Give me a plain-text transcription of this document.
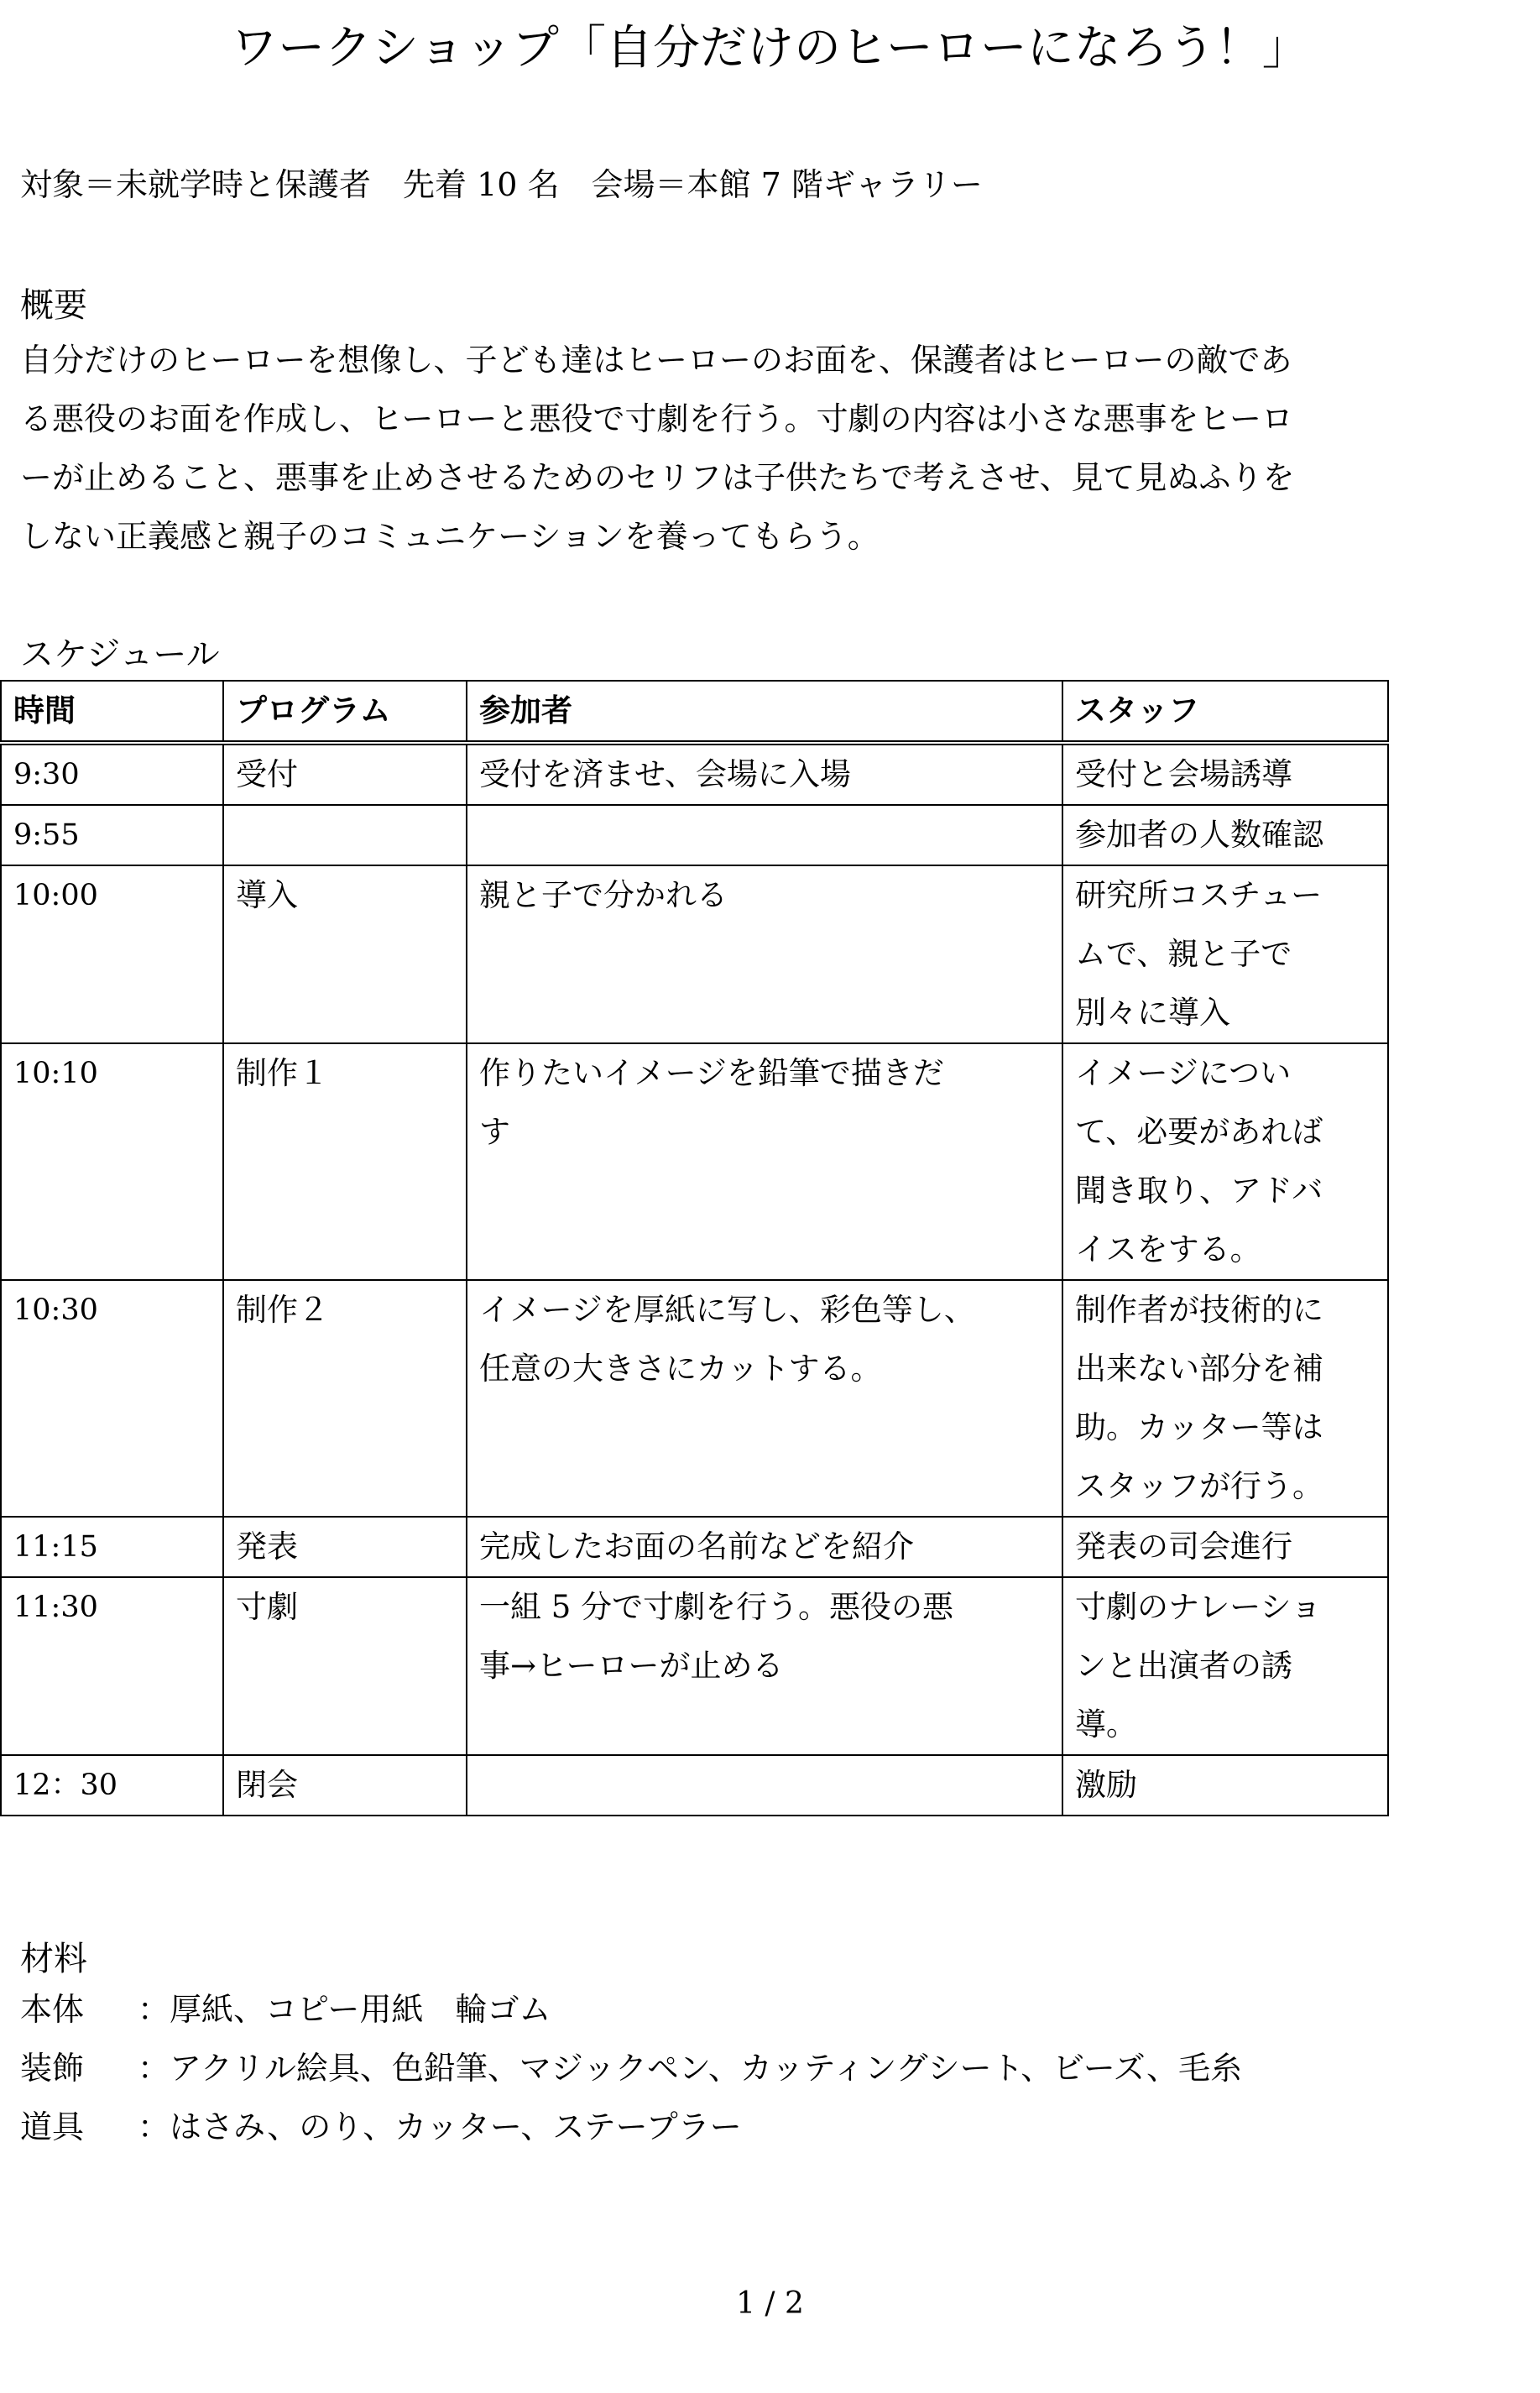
ワークショップ「自分だけのヒーローになろう！」
対象＝未就学時と保護者　先着 10 名　会場＝本館 7 階ギャラリー
概要
自分だけのヒーローを想像し、子ども達はヒーローのお面を、保護者はヒーローの敵であ
る悪役のお面を作成し、ヒーローと悪役で寸劇を行う。寸劇の内容は小さな悪事をヒーロ
ーが止めること、悪事を止めさせるためのセリフは子供たちで考えさせ、見て見ぬふりを
しない正義感と親子のコミュニケーションを養ってもらう。
スケジュール
時間	プログラム	参加者	スタッフ
9:30	受付	受付を済ませ、会場に入場	受付と会場誘導

9:55			参加者の人数確認

10:00	導入	親と子で分かれる	研究所コスチュー
ムで、親と子で
別々に導入

10:10	制作１	作りたいイメージを鉛筆で描きだ
す	イメージについ
て、必要があれば
聞き取り、アドバ
イスをする。

10:30	制作２	イメージを厚紙に写し、彩色等し、
任意の大きさにカットする。	制作者が技術的に
出来ない部分を補
助。カッター等は
スタッフが行う。

11:15	発表	完成したお面の名前などを紹介	発表の司会進行

11:30	寸劇	一組 5 分で寸劇を行う。悪役の悪
事→ヒーローが止める	寸劇のナレーショ
ンと出演者の誘
導。

12：30	閉会		激励
材料
本体 ：厚紙、コピー用紙　輪ゴム
装飾 ：アクリル絵具、色鉛筆、マジックペン、カッティングシート、ビーズ、毛糸
道具 ：はさみ、のり、カッター、ステープラー
1 / 2
